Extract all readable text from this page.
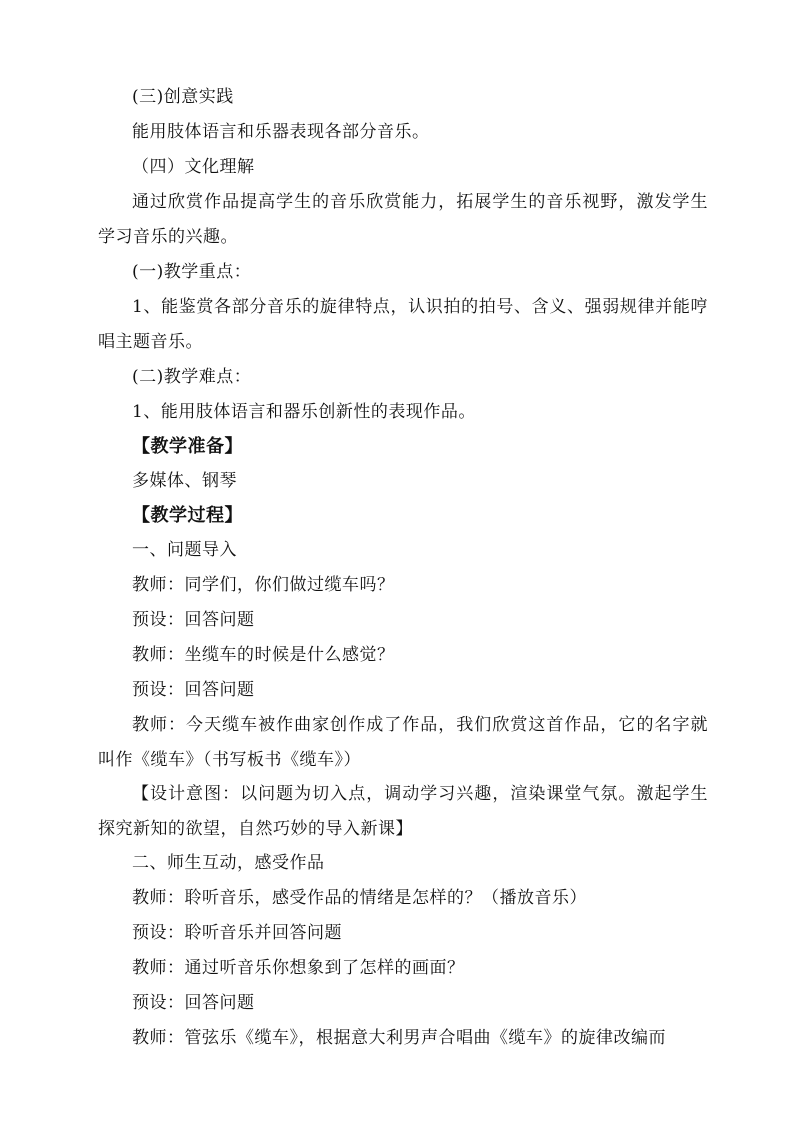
(三)创意实践

能用肢体语言和乐器表现各部分音乐。

（四）文化理解

通过欣赏作品提高学生的音乐欣赏能力，拓展学生的音乐视野，激发学生学习音乐的兴趣。

(一)教学重点：

1、能鉴赏各部分音乐的旋律特点，认识拍的拍号、含义、强弱规律并能哼唱主题音乐。

(二)教学难点：

1、能用肢体语言和器乐创新性的表现作品。

【教学准备】

多媒体、钢琴

【教学过程】

一、问题导入

教师：同学们，你们做过缆车吗？

预设：回答问题

教师：坐缆车的时候是什么感觉？

预设：回答问题

教师：今天缆车被作曲家创作成了作品，我们欣赏这首作品，它的名字就叫作《缆车》（书写板书《缆车》）

【设计意图：以问题为切入点，调动学习兴趣，渲染课堂气氛。激起学生探究新知的欲望，自然巧妙的导入新课】

二、师生互动，感受作品

教师：聆听音乐，感受作品的情绪是怎样的？（播放音乐）

预设：聆听音乐并回答问题

教师：通过听音乐你想象到了怎样的画面？

预设：回答问题

教师：管弦乐《缆车》，根据意大利男声合唱曲《缆车》的旋律改编而
